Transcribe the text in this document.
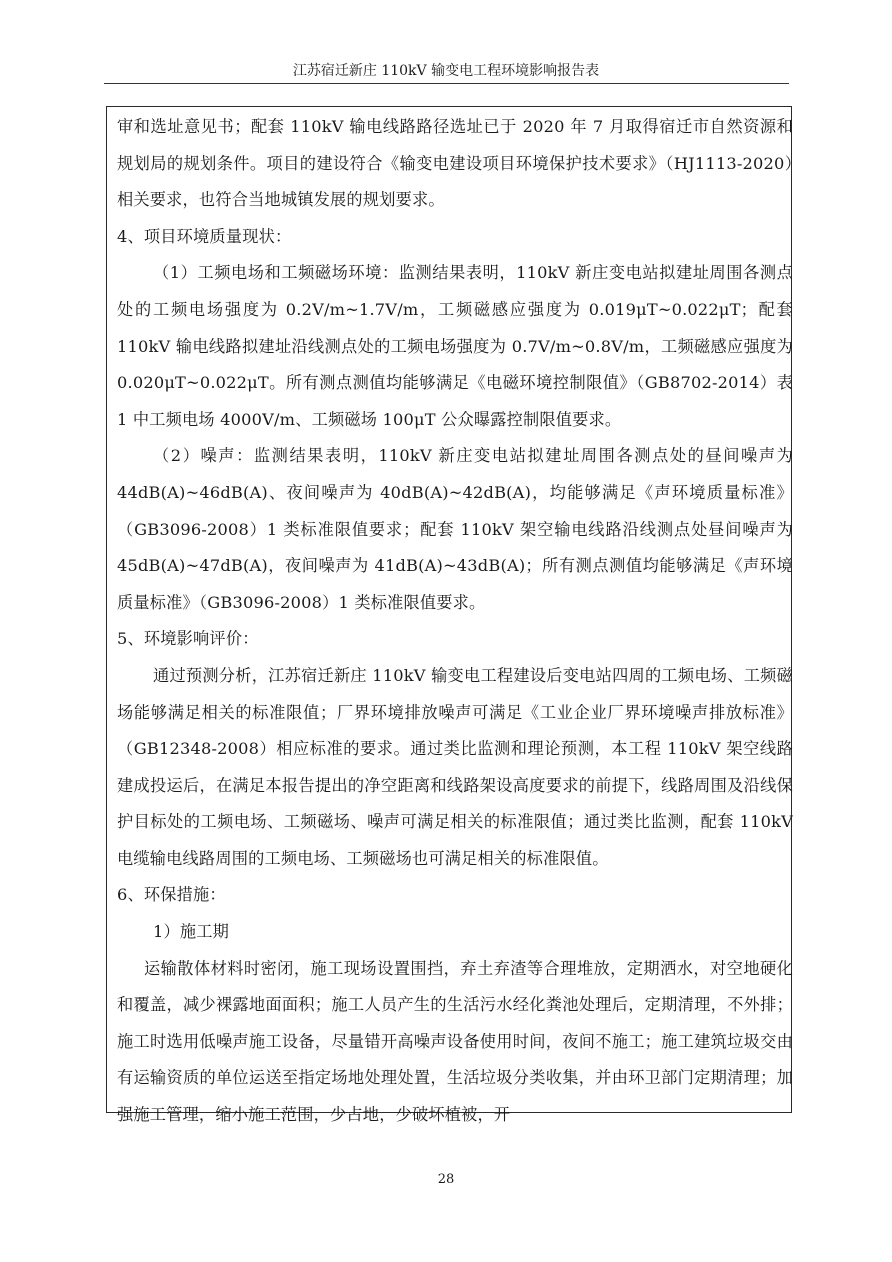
江苏宿迁新庄 110kV 输变电工程环境影响报告表

审和选址意见书；配套 110kV 输电线路路径选址已于 2020 年 7 月取得宿迁市自然资源和规划局的规划条件。项目的建设符合《输变电建设项目环境保护技术要求》（HJ1113-2020）相关要求，也符合当地城镇发展的规划要求。

4、项目环境质量现状：

（1）工频电场和工频磁场环境：监测结果表明，110kV 新庄变电站拟建址周围各测点处的工频电场强度为 0.2V/m~1.7V/m，工频磁感应强度为 0.019μT~0.022μT；配套 110kV 输电线路拟建址沿线测点处的工频电场强度为 0.7V/m~0.8V/m，工频磁感应强度为 0.020μT~0.022μT。所有测点测值均能够满足《电磁环境控制限值》（GB8702-2014）表 1 中工频电场 4000V/m、工频磁场 100μT 公众曝露控制限值要求。

（2）噪声：监测结果表明，110kV 新庄变电站拟建址周围各测点处的昼间噪声为 44dB(A)~46dB(A)、夜间噪声为 40dB(A)~42dB(A)，均能够满足《声环境质量标准》（GB3096-2008）1 类标准限值要求；配套 110kV 架空输电线路沿线测点处昼间噪声为 45dB(A)~47dB(A)，夜间噪声为 41dB(A)~43dB(A)；所有测点测值均能够满足《声环境质量标准》（GB3096-2008）1 类标准限值要求。

5、环境影响评价：

通过预测分析，江苏宿迁新庄 110kV 输变电工程建设后变电站四周的工频电场、工频磁场能够满足相关的标准限值；厂界环境排放噪声可满足《工业企业厂界环境噪声排放标准》（GB12348-2008）相应标准的要求。通过类比监测和理论预测，本工程 110kV 架空线路建成投运后，在满足本报告提出的净空距离和线路架设高度要求的前提下，线路周围及沿线保护目标处的工频电场、工频磁场、噪声可满足相关的标准限值；通过类比监测，配套 110kV 电缆输电线路周围的工频电场、工频磁场也可满足相关的标准限值。

6、环保措施：

1）施工期

运输散体材料时密闭，施工现场设置围挡，弃土弃渣等合理堆放，定期洒水，对空地硬化和覆盖，减少裸露地面面积；施工人员产生的生活污水经化粪池处理后，定期清理，不外排；施工时选用低噪声施工设备，尽量错开高噪声设备使用时间，夜间不施工；施工建筑垃圾交由有运输资质的单位运送至指定场地处理处置，生活垃圾分类收集，并由环卫部门定期清理；加强施工管理，缩小施工范围，少占地，少破坏植被，开

28
